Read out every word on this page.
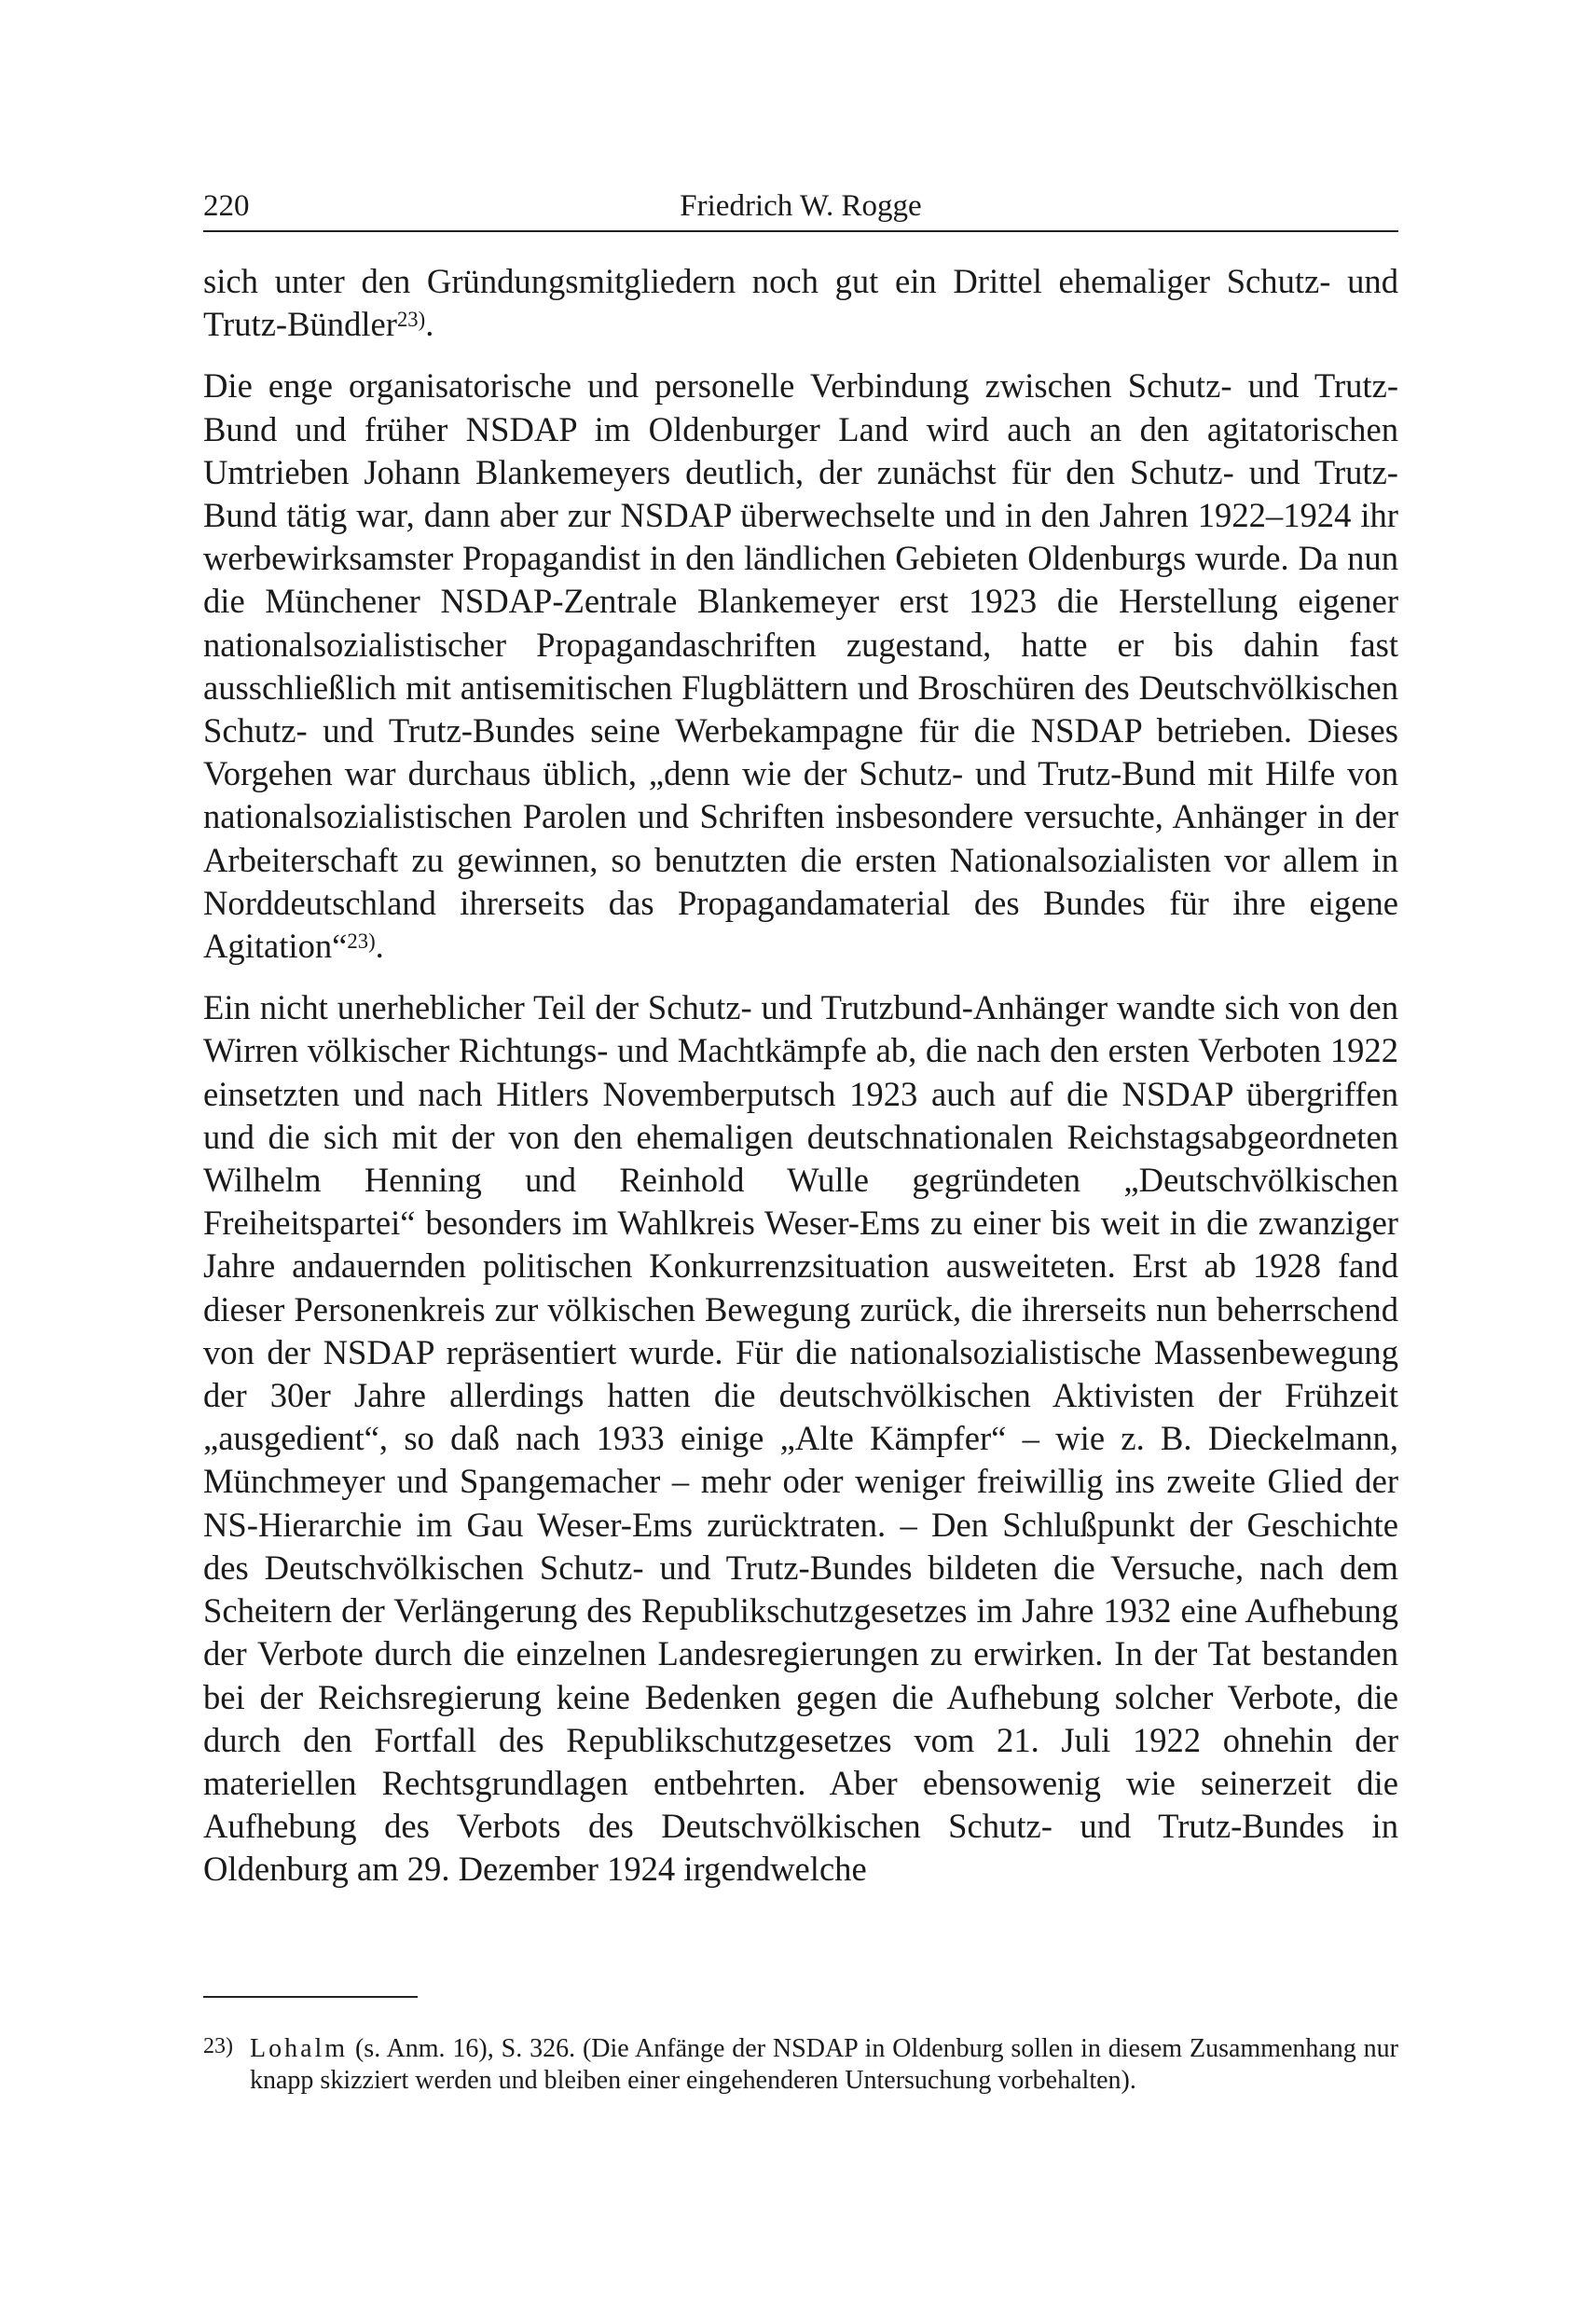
220	Friedrich W. Rogge

sich unter den Gründungsmitgliedern noch gut ein Drittel ehemaliger Schutz- und Trutz-Bündler$^{23)}$.

Die enge organisatorische und personelle Verbindung zwischen Schutz- und Trutz-Bund und früher NSDAP im Oldenburger Land wird auch an den agitatorischen Umtrieben Johann Blankemeyers deutlich, der zunächst für den Schutz- und Trutz-Bund tätig war, dann aber zur NSDAP überwechselte und in den Jahren 1922–1924 ihr werbewirksamster Propagandist in den ländlichen Gebieten Oldenburgs wurde. Da nun die Münchener NSDAP-Zentrale Blankemeyer erst 1923 die Herstellung eigener nationalsozialistischer Propagandaschriften zugestand, hatte er bis dahin fast ausschließlich mit antisemitischen Flugblättern und Broschüren des Deutschvölkischen Schutz- und Trutz-Bundes seine Werbekampagne für die NSDAP betrieben. Dieses Vorgehen war durchaus üblich, „denn wie der Schutz- und Trutz-Bund mit Hilfe von nationalsozialistischen Parolen und Schriften insbesondere versuchte, Anhänger in der Arbeiterschaft zu gewinnen, so benutzten die ersten Nationalsozialisten vor allem in Norddeutschland ihrerseits das Propagandamaterial des Bundes für ihre eigene Agitation“$^{23)}$.

Ein nicht unerheblicher Teil der Schutz- und Trutzbund-Anhänger wandte sich von den Wirren völkischer Richtungs- und Machtkämpfe ab, die nach den ersten Verboten 1922 einsetzten und nach Hitlers Novemberputsch 1923 auch auf die NSDAP übergriffen und die sich mit der von den ehemaligen deutschnationalen Reichstagsabgeordneten Wilhelm Henning und Reinhold Wulle gegründeten „Deutschvölkischen Freiheitspartei“ besonders im Wahlkreis Weser-Ems zu einer bis weit in die zwanziger Jahre andauernden politischen Konkurrenzsituation ausweiteten. Erst ab 1928 fand dieser Personenkreis zur völkischen Bewegung zurück, die ihrerseits nun beherrschend von der NSDAP repräsentiert wurde. Für die nationalsozialistische Massenbewegung der 30er Jahre allerdings hatten die deutschvölkischen Aktivisten der Frühzeit „ausgedient“, so daß nach 1933 einige „Alte Kämpfer“ – wie z. B. Dieckelmann, Münchmeyer und Spangemacher – mehr oder weniger freiwillig ins zweite Glied der NS-Hierarchie im Gau Weser-Ems zurücktraten. – Den Schlußpunkt der Geschichte des Deutschvölkischen Schutz- und Trutz-Bundes bildeten die Versuche, nach dem Scheitern der Verlängerung des Republikschutzgesetzes im Jahre 1932 eine Aufhebung der Verbote durch die einzelnen Landesregierungen zu erwirken. In der Tat bestanden bei der Reichsregierung keine Bedenken gegen die Aufhebung solcher Verbote, die durch den Fortfall des Republikschutzgesetzes vom 21. Juli 1922 ohnehin der materiellen Rechtsgrundlagen entbehrten. Aber ebensowenig wie seinerzeit die Aufhebung des Verbots des Deutschvölkischen Schutz- und Trutz-Bundes in Oldenburg am 29. Dezember 1924 irgendwelche

23) Lohalm (s. Anm. 16), S. 326. (Die Anfänge der NSDAP in Oldenburg sollen in diesem Zusammenhang nur knapp skizziert werden und bleiben einer eingehenderen Untersuchung vorbehalten).
